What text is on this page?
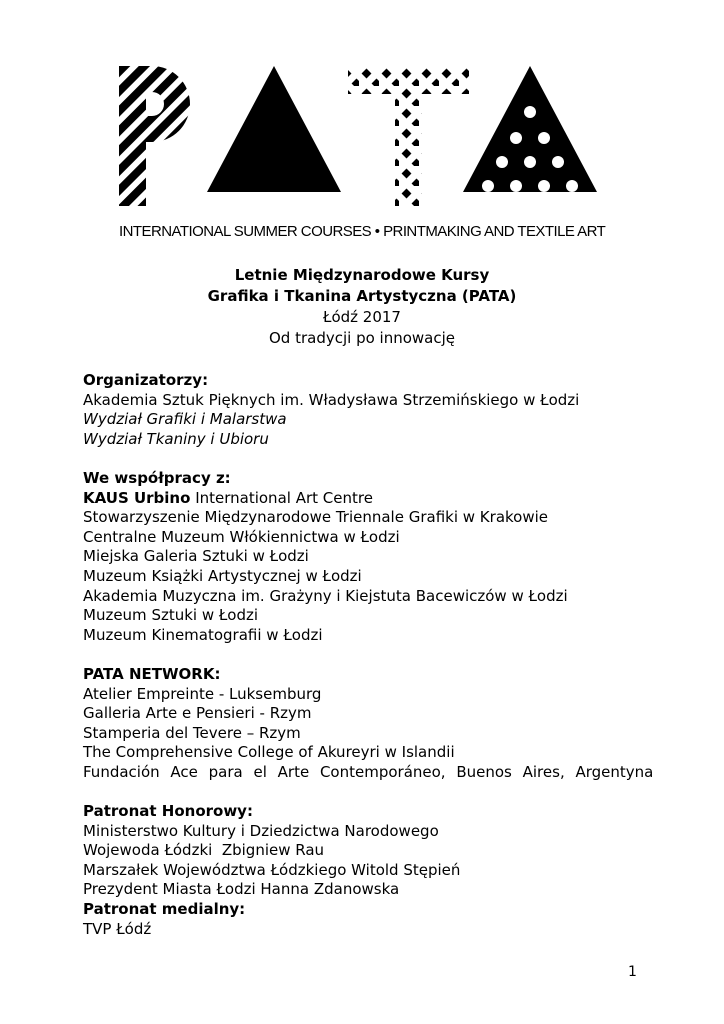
INTERNATIONAL SUMMER COURSES • PRINTMAKING AND TEXTILE ART
Letnie Międzynarodowe Kursy
Grafika i Tkanina Artystyczna (PATA)
Łódź 2017
Od tradycji po innowację

Organizatorzy:

Akademia Sztuk Pięknych im. Władysława Strzemińskiego w Łodzi

Wydział Grafiki i Malarstwa

Wydział Tkaniny i Ubioru

We współpracy z:

KAUS Urbino International Art Centre

Stowarzyszenie Międzynarodowe Triennale Grafiki w Krakowie

Centralne Muzeum Włókiennictwa w Łodzi

Miejska Galeria Sztuki w Łodzi

Muzeum Książki Artystycznej w Łodzi

Akademia Muzyczna im. Grażyny i Kiejstuta Bacewiczów w Łodzi

Muzeum Sztuki w Łodzi

Muzeum Kinematografii w Łodzi

PATA NETWORK:

Atelier Empreinte - Luksemburg

Galleria Arte e Pensieri - Rzym

Stamperia del Tevere – Rzym

The Comprehensive College of Akureyri w Islandii

Fundación Ace para el Arte Contemporáneo, Buenos Aires, Argentyna

Patronat Honorowy:

Ministerstwo Kultury i Dziedzictwa Narodowego

Wojewoda Łódzki  Zbigniew Rau

Marszałek Województwa Łódzkiego Witold Stępień

Prezydent Miasta Łodzi Hanna Zdanowska

Patronat medialny:

TVP Łódź

1
